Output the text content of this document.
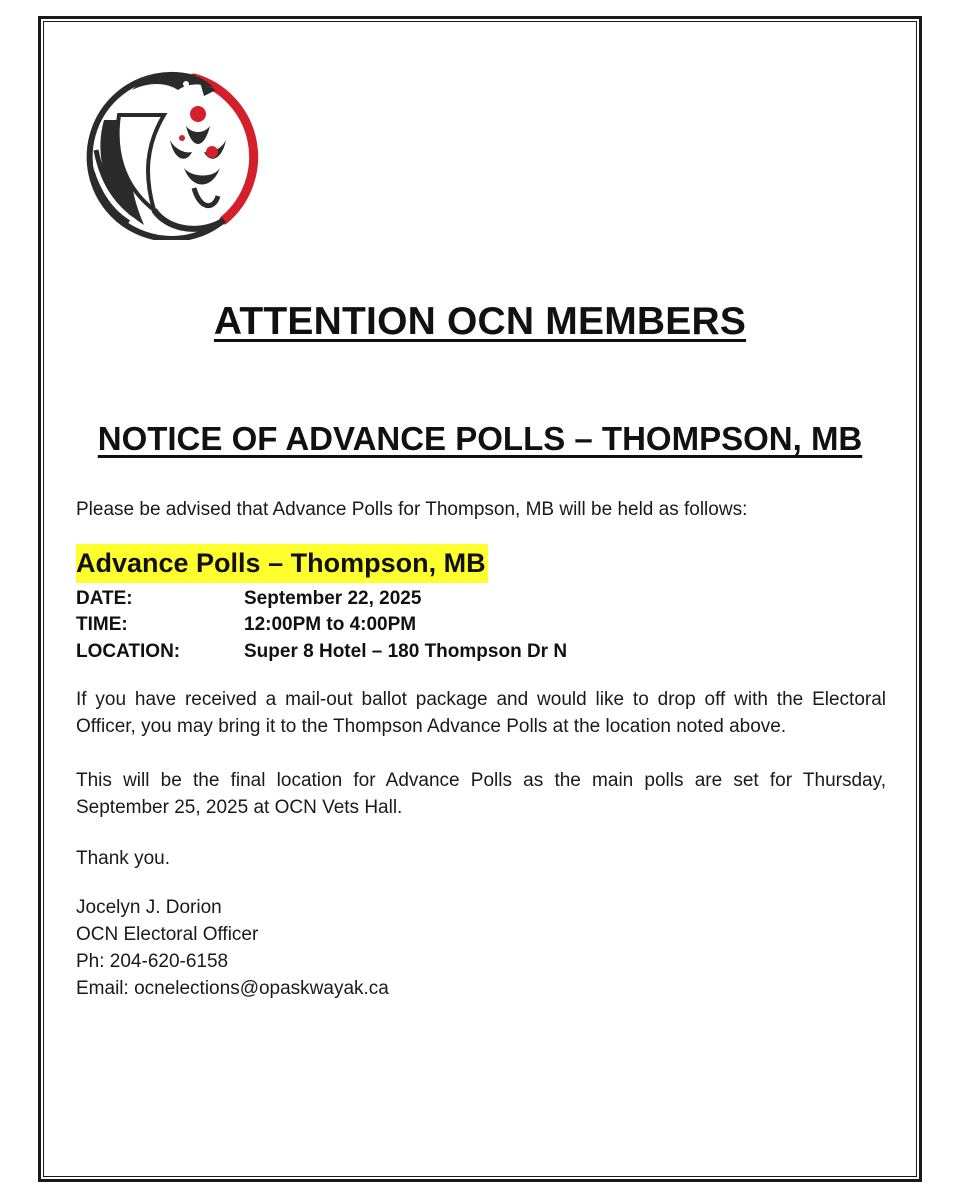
ATTENTION OCN MEMBERS
NOTICE OF ADVANCE POLLS – THOMPSON, MB
Please be advised that Advance Polls for Thompson, MB will be held as follows:
Advance Polls – Thompson, MB
DATE:	September 22, 2025
TIME:	12:00PM to 4:00PM
LOCATION:	Super 8 Hotel – 180 Thompson Dr N
If you have received a mail-out ballot package and would like to drop off with the Electoral Officer, you may bring it to the Thompson Advance Polls at the location noted above.
This will be the final location for Advance Polls as the main polls are set for Thursday, September 25, 2025 at OCN Vets Hall.
Thank you.
Jocelyn J. Dorion
OCN Electoral Officer
Ph: 204-620-6158
Email: ocnelections@opaskwayak.ca
